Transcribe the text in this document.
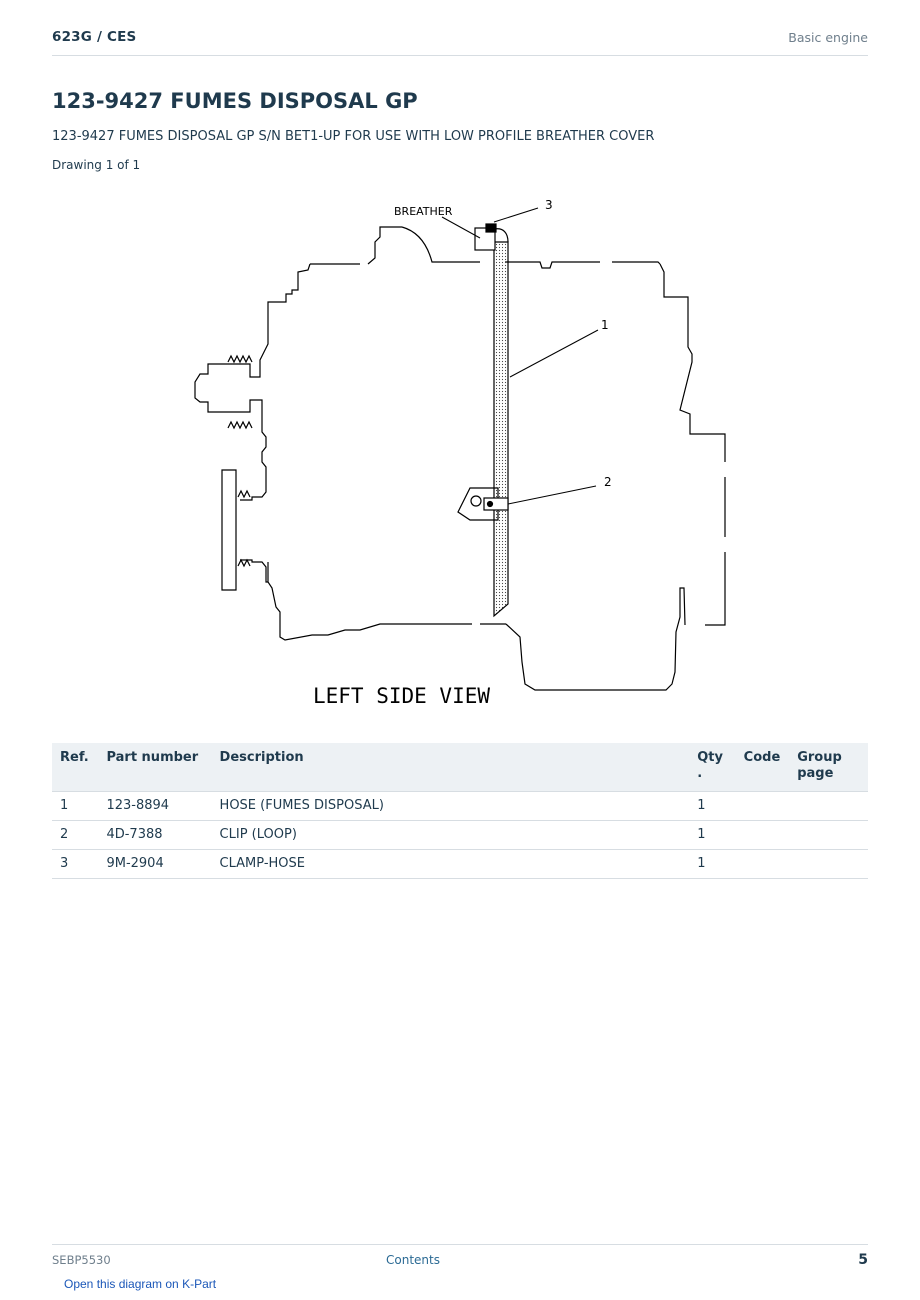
623G / CES	Basic engine
123-9427 FUMES DISPOSAL GP
123-9427 FUMES DISPOSAL GP S/N BET1-UP FOR USE WITH LOW PROFILE BREATHER COVER
Drawing 1 of 1
BREATHER
1
2
3
LEFT SIDE VIEW
Ref.	Part number	Description	Qty .	Code	Group page
1	123-8894	HOSE (FUMES DISPOSAL)	1		
2	4D-7388	CLIP (LOOP)	1		
3	9M-2904	CLAMP-HOSE	1		
SEBP5530	Contents	5
Open this diagram on K-Part
